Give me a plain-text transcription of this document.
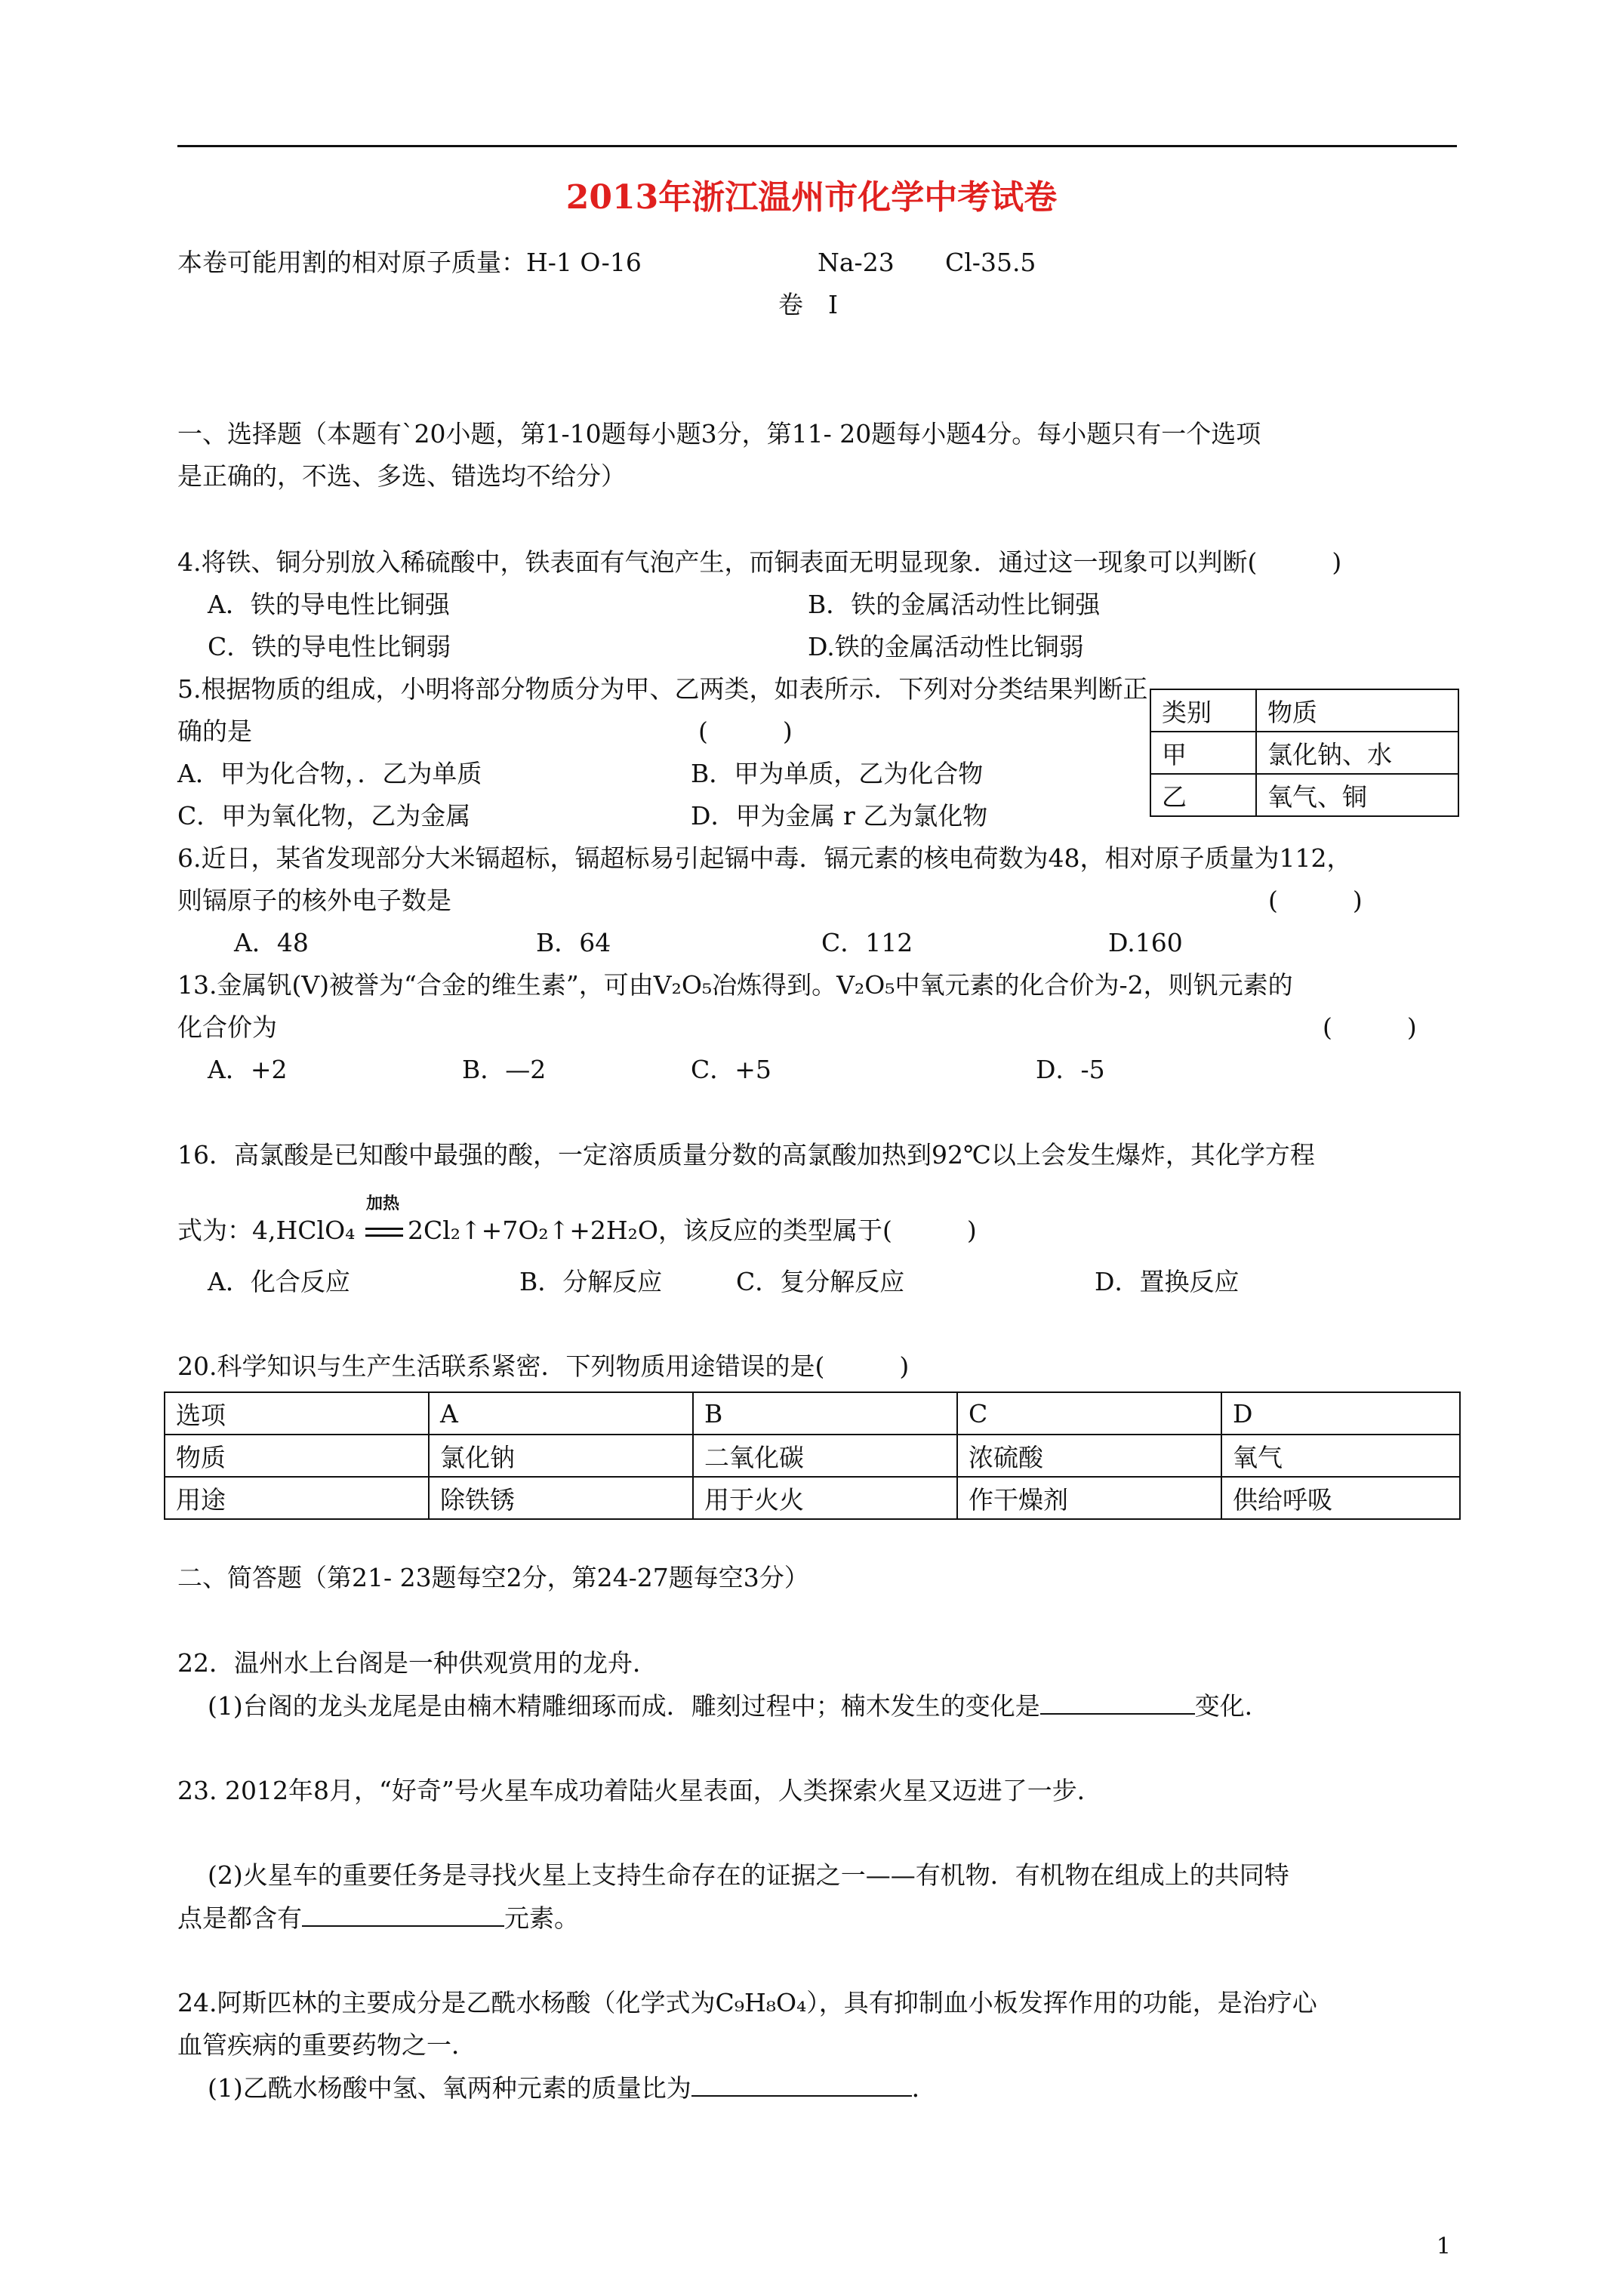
2013年浙江温州市化学中考试卷
本卷可能用割的相对原子质量：H-1 O-16	Na-23 Cl-35.5
卷　I
一、选择题（本题有`20小题，第1-10题每小题3分，第11- 20题每小题4分。每小题只有一个选项
是正确的，不选、多选、错选均不给分）
4.将铁、铜分别放入稀硫酸中，铁表面有气泡产生，而铜表面无明显现象．通过这一现象可以判断(　　　)
A．铁的导电性比铜强	B．铁的金属活动性比铜强
C．铁的导电性比铜弱	D.铁的金属活动性比铜弱
5.根据物质的组成，小明将部分物质分为甲、乙两类，如表所示．下列对分类结果判断正
确的是	(　　　)
A．甲为化合物，．乙为单质	B．甲为单质，乙为化合物
C．甲为氧化物，乙为金属	D．甲为金属 r 乙为氯化物
类别	物质
甲	氯化钠、水
乙	氧气、铜
6.近日，某省发现部分大米镉超标，镉超标易引起镉中毒．镉元素的核电荷数为48，相对原子质量为112，
则镉原子的核外电子数是	(　　　)
A．48	B．64	C．112	D.160
13.金属钒(V)被誉为“合金的维生素”，可由V₂O₅冶炼得到。V₂O₅中氧元素的化合价为-2，则钒元素的
化合价为	(　　　)
A．+2	B．—2	C．+5	D．-5
16．高氯酸是已知酸中最强的酸，一定溶质质量分数的高氯酸加热到92℃以上会发生爆炸，其化学方程
加热
式为：4,HClO₄ 2Cl₂↑+7O₂↑+2H₂O，该反应的类型属于(　　　)
A．化合反应	B．分解反应	C．复分解反应	D．置换反应
20.科学知识与生产生活联系紧密．下列物质用途错误的是(　　　)
选项	A	B	C	D
物质	氯化钠	二氧化碳	浓硫酸	氧气
用途	除铁锈	用于火火	作干燥剂	供给呼吸
二、简答题（第21- 23题每空2分，第24-27题每空3分）
22．温州水上台阁是一种供观赏用的龙舟．
(1)台阁的龙头龙尾是由楠木精雕细琢而成．雕刻过程中；楠木发生的变化是	变化．
23. 2012年8月，“好奇”号火星车成功着陆火星表面，人类探索火星又迈进了一步．
(2)火星车的重要任务是寻找火星上支持生命存在的证据之一——有机物．有机物在组成上的共同特
点是都含有	元素。
24.阿斯匹林的主要成分是乙酰水杨酸（化学式为C₉H₈O₄），具有抑制血小板发挥作用的功能，是治疗心
血管疾病的重要药物之一．
(1)乙酰水杨酸中氢、氧两种元素的质量比为	．
1
